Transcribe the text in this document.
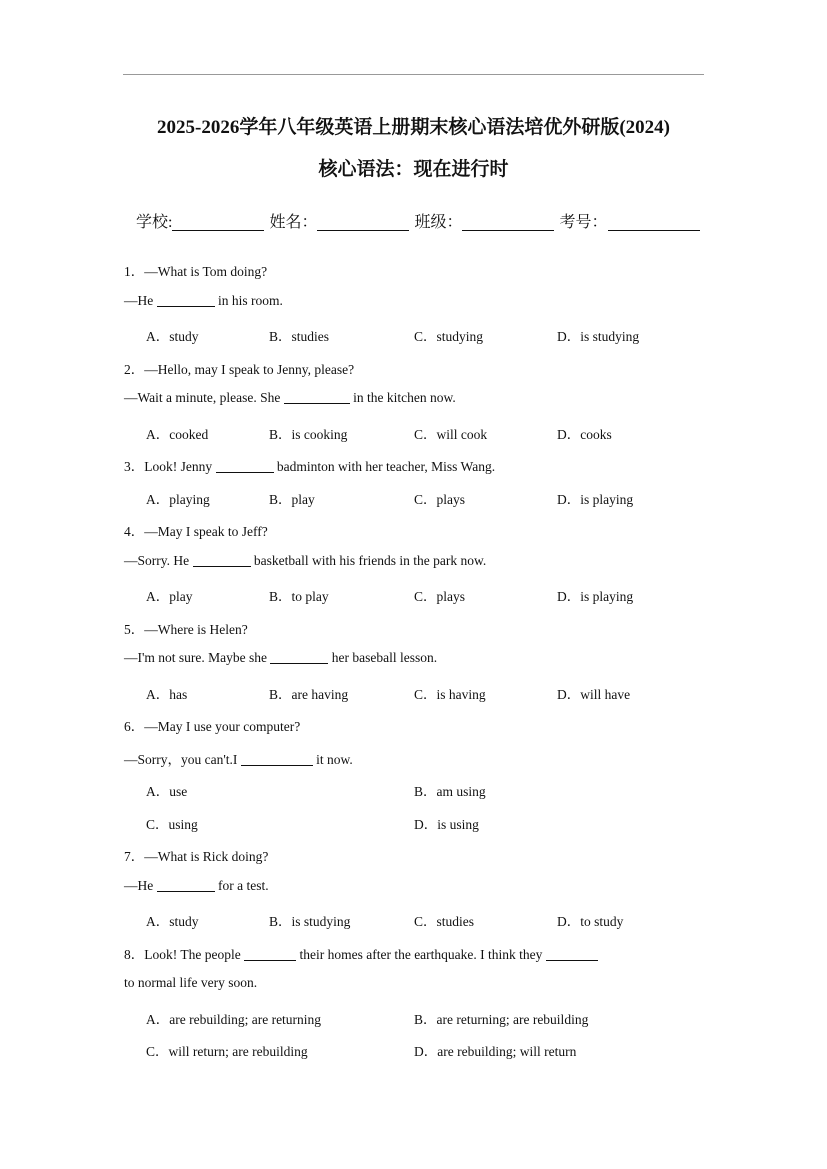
2025-2026学年八年级英语上册期末核心语法培优外研版(2024)
核心语法：现在进行时
学校:	姓名：	班级：	考号：
1．—What is Tom doing?
—He	in his room.
A．study	B．studies	C．studying	D．is studying
2．—Hello, may I speak to Jenny, please?
—Wait a minute, please. She	in the kitchen now.
A．cooked	B．is cooking	C．will cook	D．cooks
3．Look! Jenny	badminton with her teacher, Miss Wang.
A．playing	B．play	C．plays	D．is playing
4．—May I speak to Jeff?
—Sorry. He	basketball with his friends in the park now.
A．play	B．to play	C．plays	D．is playing
5．—Where is Helen?
—I'm not sure. Maybe she	her baseball lesson.
A．has	B．are having	C．is having	D．will have
6．—May I use your computer?
—Sorry，you can't.I	it now.
A．use	B．am using
C．using	D．is using
7．—What is Rick doing?
—He	for a test.
A．study	B．is studying	C．studies	D．to study
8．Look! The people	their homes after the earthquake. I think they
to normal life very soon.
A．are rebuilding; are returning	B．are returning; are rebuilding
C．will return; are rebuilding	D．are rebuilding; will return
